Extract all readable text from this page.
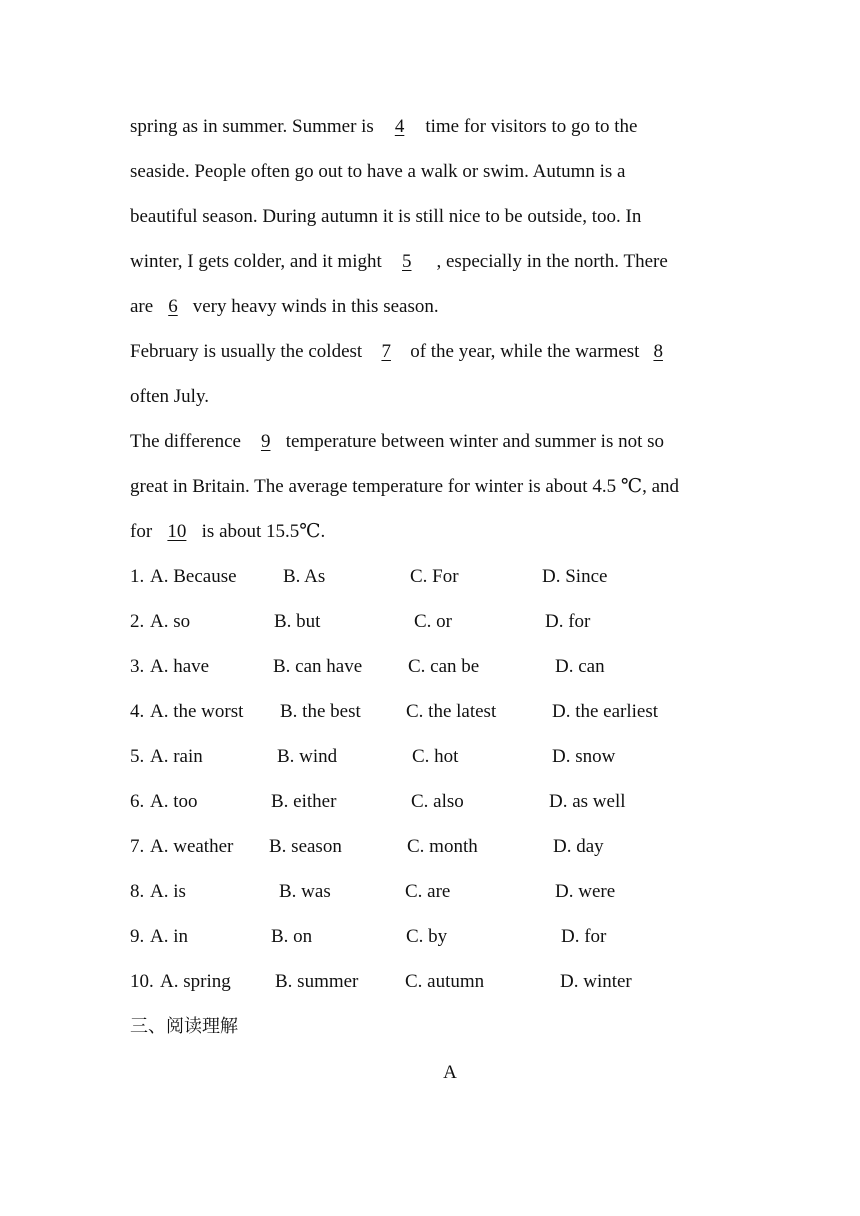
spring as in summer. Summer is 4 time for visitors to go to the
seaside. People often go out to have a walk or swim. Autumn is a
beautiful season. During autumn it is still nice to be outside, too. In
winter, I gets colder, and it might 5 , especially in the north. There
are 6 very heavy winds in this season.
February is usually the coldest 7 of the year, while the warmest 8
often July.
The difference 9 temperature between winter and summer is not so
great in Britain. The average temperature for winter is about 4.5 ℃, and
for 10 is about 15.5℃.
1. A. Because B. As	C. For	D. Since
2. A. so	B. but	C. or	D. for
3. A. have	B. can have C. can be	D. can
4. A. the worst B. the best C. the latest	D. the earliest
5. A. rain	B. wind	C. hot	D. snow
6. A. too	B. either	C. also	D. as well
7. A. weather B. season	C. month	D. day
8. A. is	B. was	C. are	D. were
9. A. in	B. on	C. by	D. for
10. A. spring B. summer C. autumn	D. winter
三、阅读理解
A
